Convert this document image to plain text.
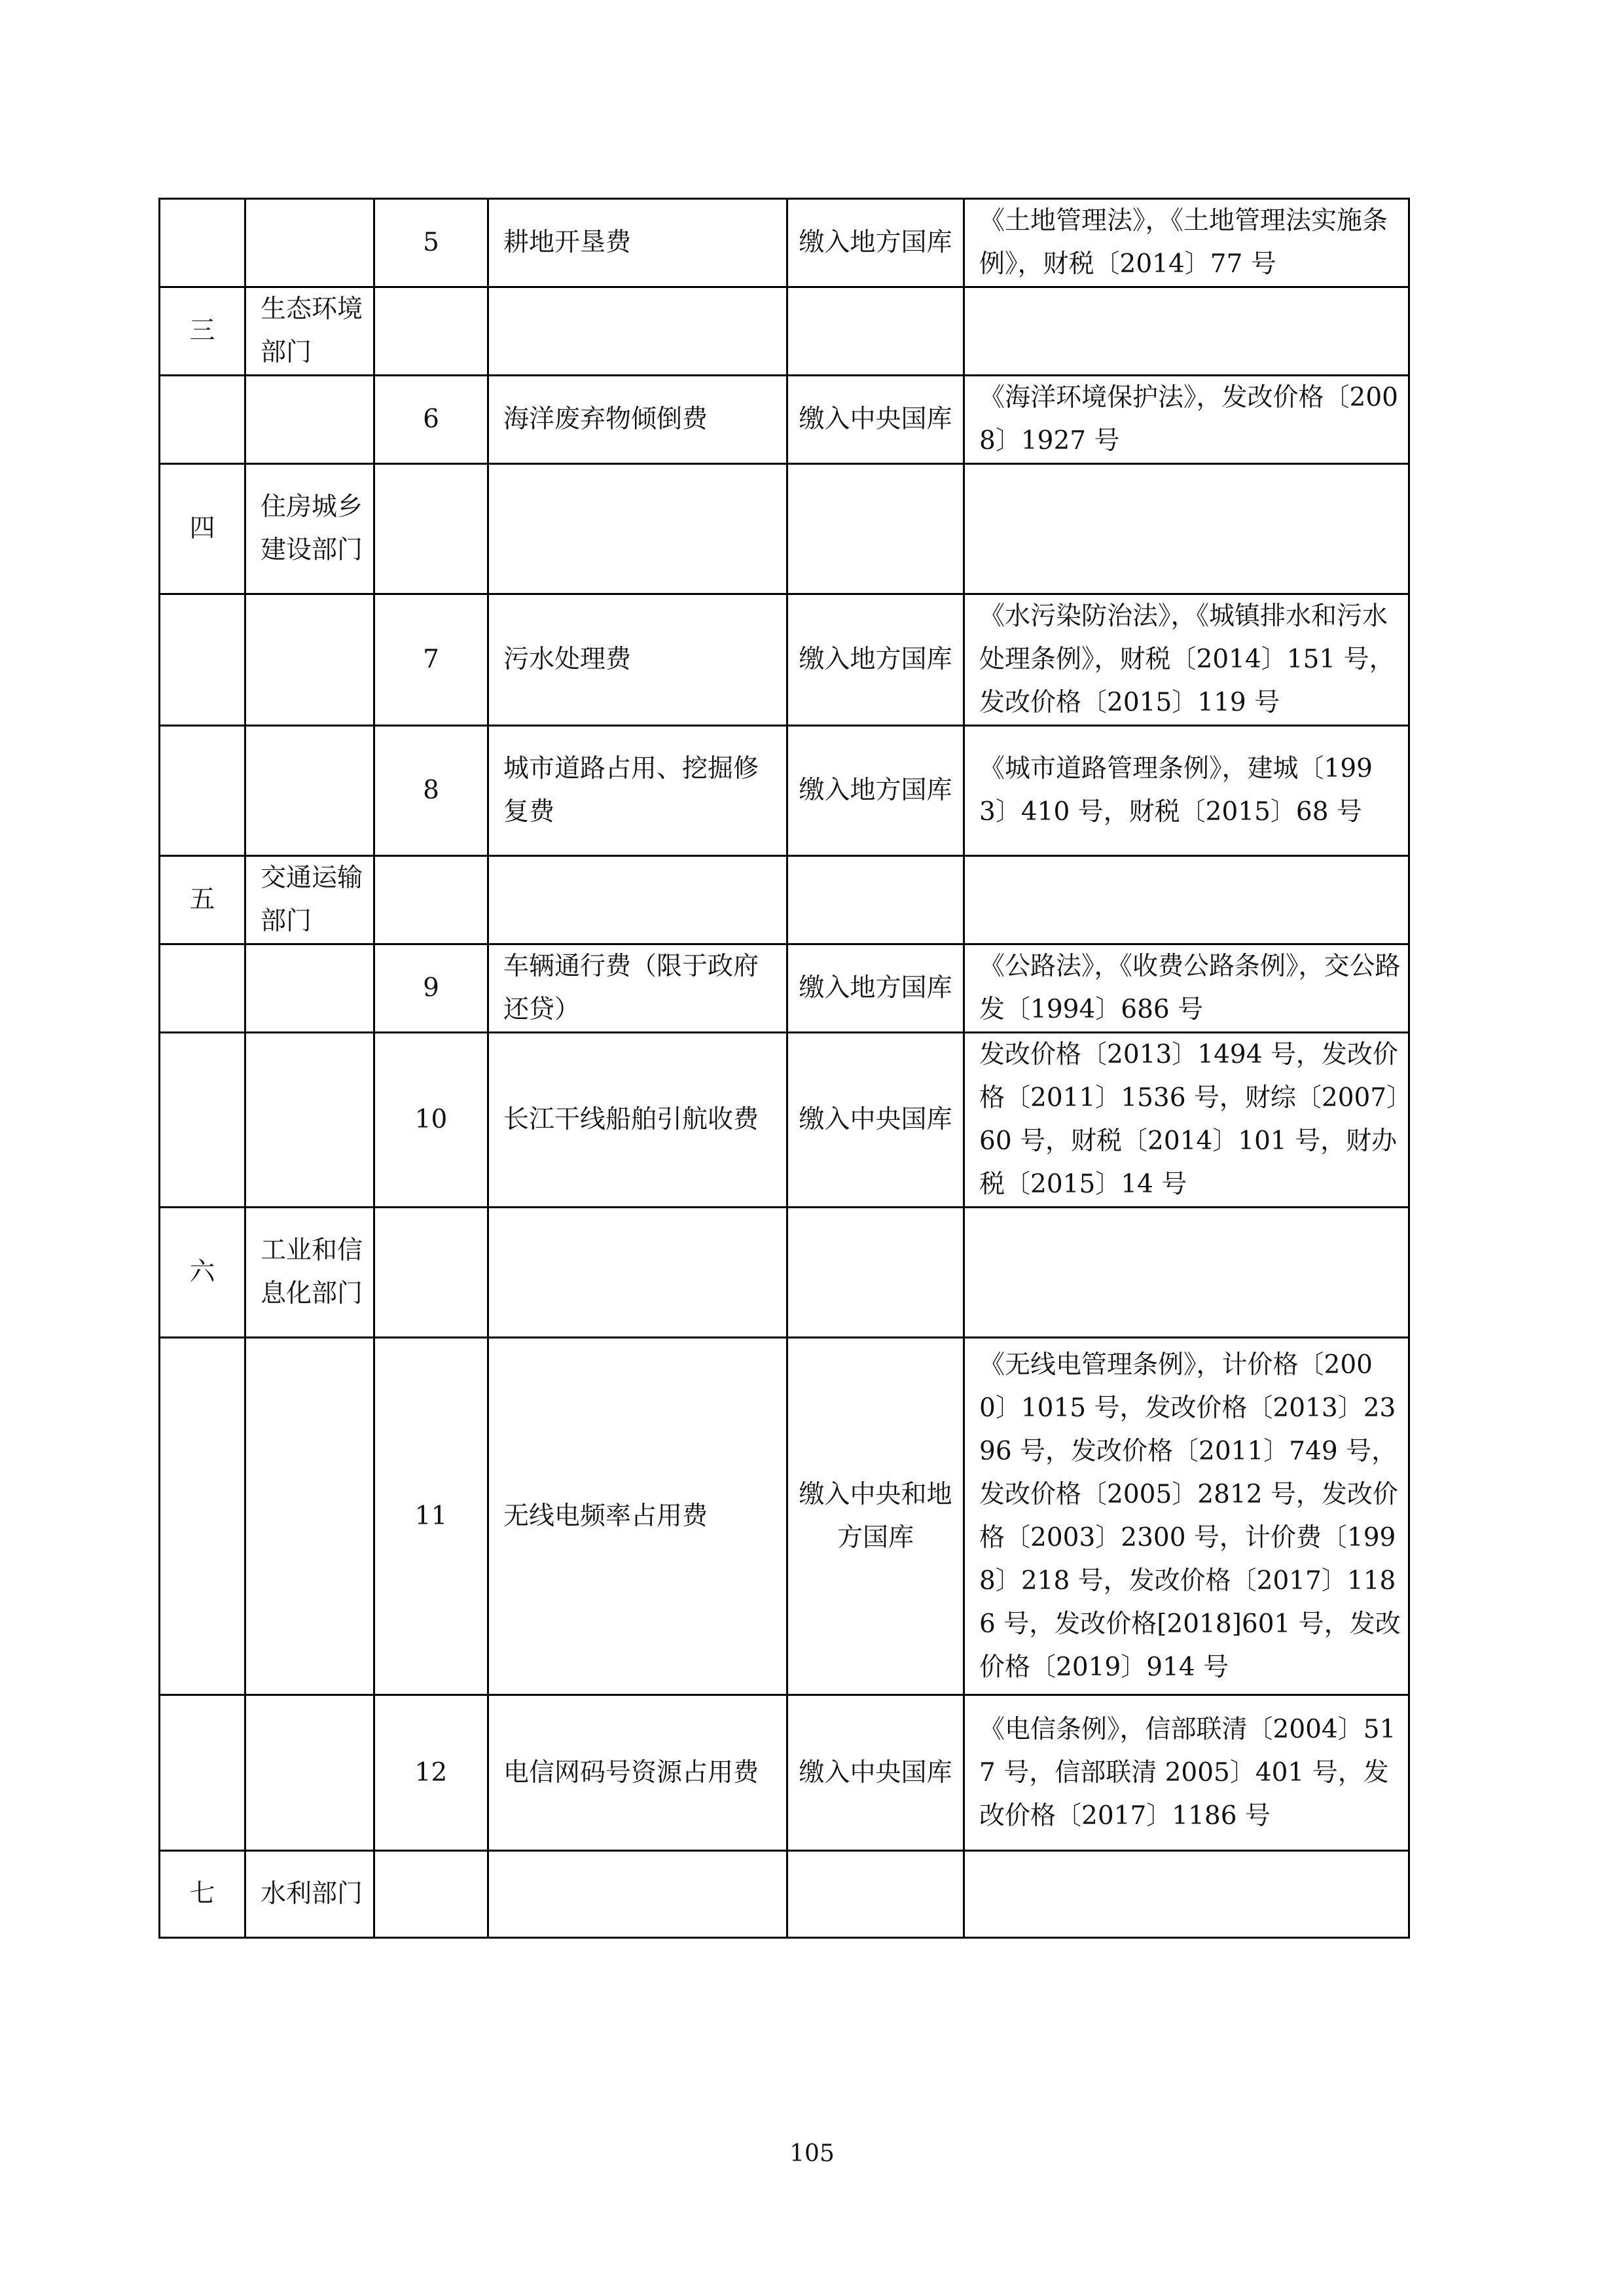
		5	耕地开垦费	缴入地方国库	《土地管理法》，《土地管理法实施条例》，财税〔2014〕77 号
三	生态环境部门				
		6	海洋废弃物倾倒费	缴入中央国库	《海洋环境保护法》，发改价格〔2008〕1927 号
四	住房城乡建设部门				
		7	污水处理费	缴入地方国库	《水污染防治法》，《城镇排水和污水处理条例》，财税〔2014〕151 号，发改价格〔2015〕119 号
		8	城市道路占用、挖掘修复费	缴入地方国库	《城市道路管理条例》，建城〔1993〕410 号，财税〔2015〕68 号
五	交通运输部门				
		9	车辆通行费（限于政府还贷）	缴入地方国库	《公路法》，《收费公路条例》，交公路发〔1994〕686 号
		10	长江干线船舶引航收费	缴入中央国库	发改价格〔2013〕1494 号，发改价格〔2011〕1536 号，财综〔2007〕60 号，财税〔2014〕101 号，财办税〔2015〕14 号
六	工业和信息化部门				
		11	无线电频率占用费	缴入中央和地方国库	《无线电管理条例》，计价格〔2000〕1015 号，发改价格〔2013〕2396 号，发改价格〔2011〕749 号，发改价格〔2005〕2812 号，发改价格〔2003〕2300 号，计价费〔1998〕218 号，发改价格〔2017〕1186 号，发改价格[2018]601 号，发改价格〔2019〕914 号
		12	电信网码号资源占用费	缴入中央国库	《电信条例》，信部联清〔2004〕517 号，信部联清 2005〕401 号，发改价格〔2017〕1186 号
七	水利部门				
105
